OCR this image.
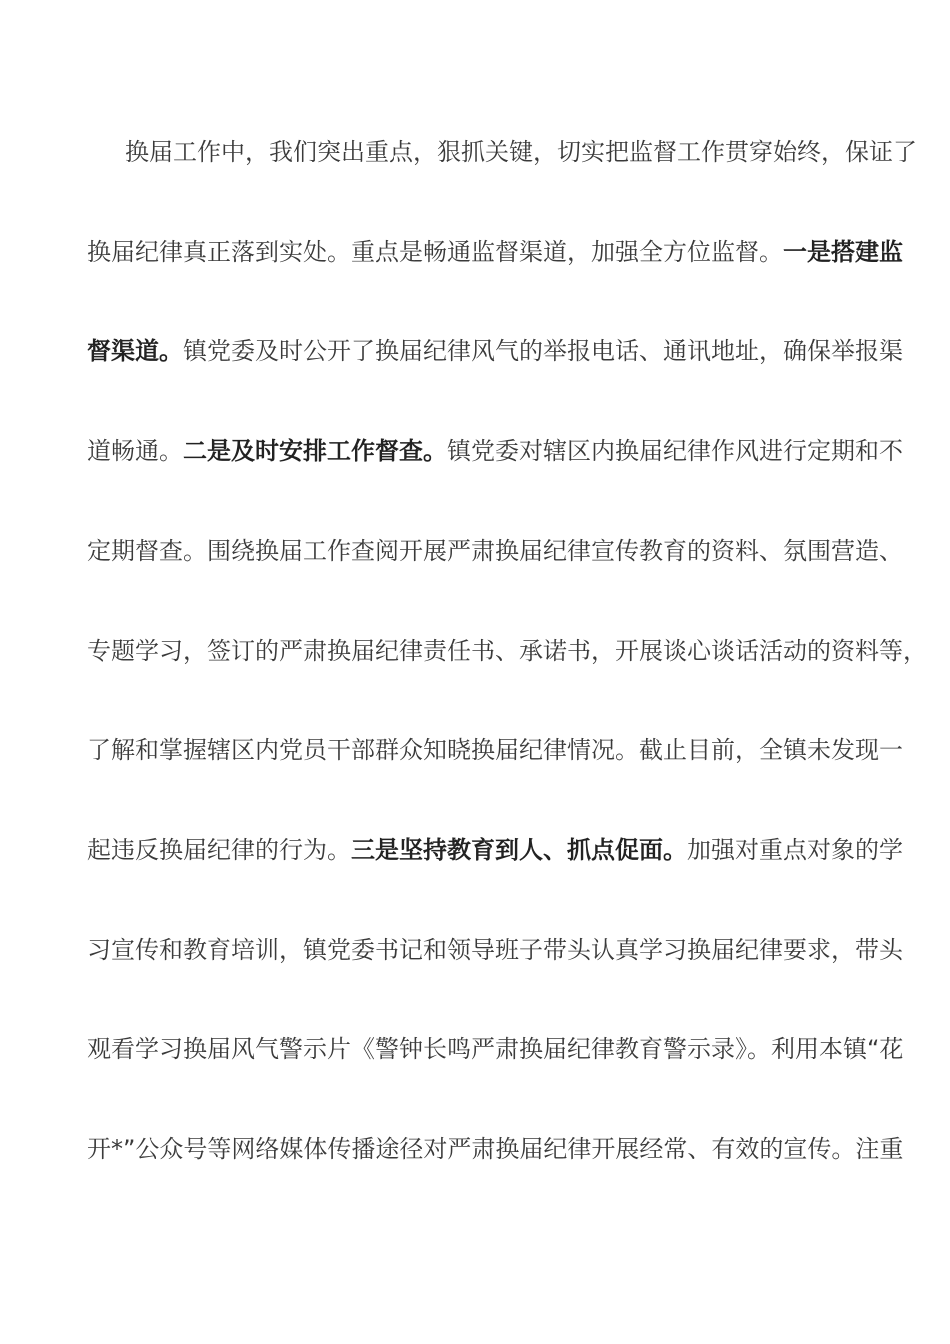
换届工作中，我们突出重点，狠抓关键，切实把监督工作贯穿始终，保证了
换届纪律真正落到实处。重点是畅通监督渠道，加强全方位监督。一是搭建监
督渠道。镇党委及时公开了换届纪律风气的举报电话、通讯地址，确保举报渠
道畅通。二是及时安排工作督查。镇党委对辖区内换届纪律作风进行定期和不
定期督查。围绕换届工作查阅开展严肃换届纪律宣传教育的资料、氛围营造、
专题学习，签订的严肃换届纪律责任书、承诺书，开展谈心谈话活动的资料等，
了解和掌握辖区内党员干部群众知晓换届纪律情况。截止目前，全镇未发现一
起违反换届纪律的行为。三是坚持教育到人、抓点促面。加强对重点对象的学
习宣传和教育培训，镇党委书记和领导班子带头认真学习换届纪律要求，带头
观看学习换届风气警示片《警钟长鸣严肃换届纪律教育警示录》。利用本镇“花
开*”公众号等网络媒体传播途径对严肃换届纪律开展经常、有效的宣传。注重
